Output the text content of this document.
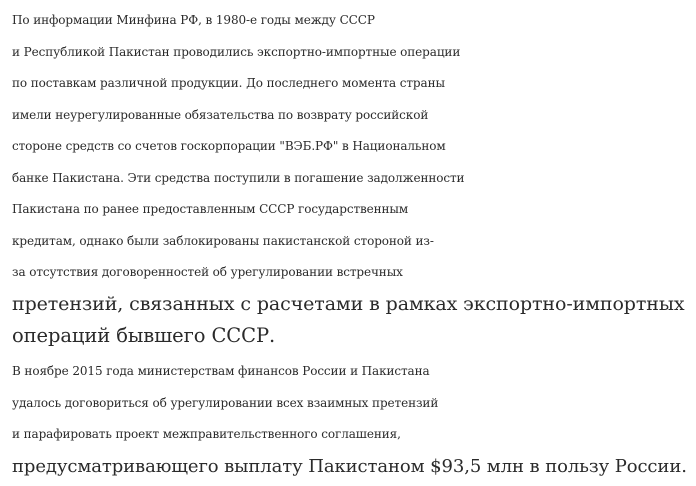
По информации Минфина РФ, в 1980-е годы между СССР
и Республикой Пакистан проводились экспортно-импортные операции
по поставкам различной продукции. До последнего момента страны
имели неурегулированные обязательства по возврату российской
стороне средств со счетов госкорпорации "ВЭБ.РФ" в Национальном
банке Пакистана. Эти средства поступили в погашение задолженности
Пакистана по ранее предоставленным СССР государственным
кредитам, однако были заблокированы пакистанской стороной из-
за отсутствия договоренностей об урегулировании встречных
претензий, связанных с расчетами в рамках экспортно-импортных
операций бывшего СССР.

В ноябре 2015 года министерствам финансов России и Пакистана
удалось договориться об урегулировании всех взаимных претензий
и парафировать проект межправительственного соглашения,
предусматривающего выплату Пакистаном $93,5 млн в пользу России.
